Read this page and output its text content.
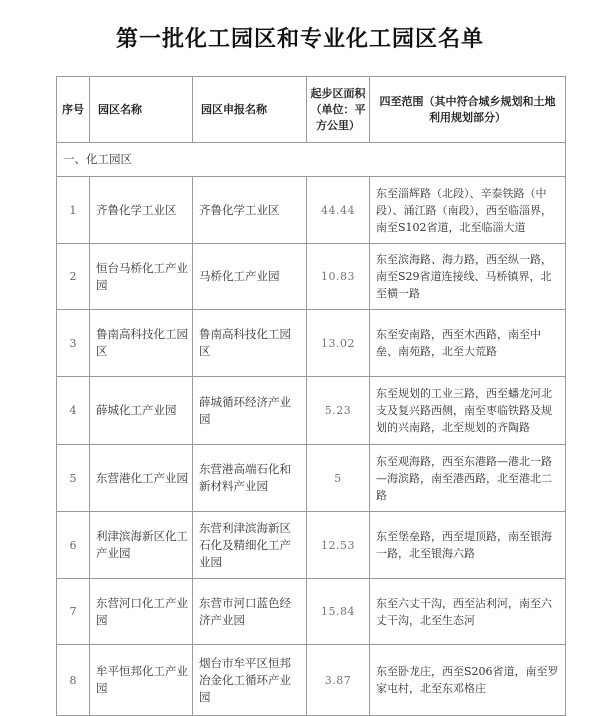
第一批化工园区和专业化工园区名单
序号	园区名称	园区申报名称	起步区面积（单位：平方公里）	四至范围（其中符合城乡规划和土地利用规划部分）
一、化工园区				
1	齐鲁化学工业区	齐鲁化学工业区	44.44	东至淄辉路（北段）、辛泰铁路（中段）、涌江路（南段），西至临淄界，南至S102省道，北至临淄大道
2	恒台马桥化工产业园	马桥化工产业园	10.83	东至滨海路、海力路，西至纵一路，南至S29省道连接线、马桥镇界，北至横一路
3	鲁南高科技化工园区	鲁南高科技化工园区	13.02	东至安南路，西至木西路，南至中垒、南苑路，北至大荒路
4	薛城化工产业园	薛城循环经济产业园	5.23	东至规划的工业三路，西至蟠龙河北支及复兴路西侧，南至枣临铁路及规划的兴南路，北至规划的齐陶路
5	东营港化工产业园	东营港高端石化和新材料产业园	5	东至观海路，西至东港路—港北一路—海滨路，南至港西路，北至港北二路
6	利津滨海新区化工产业园	东营利津滨海新区石化及精细化工产业园	12.53	东至堡垒路，西至堤顶路，南至银海一路，北至银海六路
7	东营河口化工产业园	东营市河口蓝色经济产业园	15.84	东至六丈干沟，西至沾利河，南至六丈干沟，北至生态河
8	牟平恒邦化工产业园	烟台市牟平区恒邦冶金化工循环产业园	3.87	东至卧龙庄，西至S206省道，南至罗家屯村，北至东邓格庄
